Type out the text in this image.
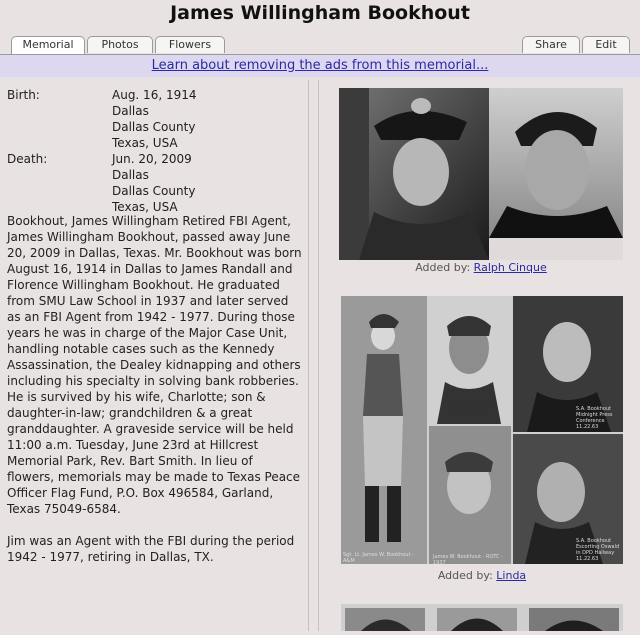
James Willingham Bookhout
Memorial	Photos	Flowers	Share	Edit
Learn about removing the ads from this memorial...
Birth:	Aug. 16, 1914
Dallas
Dallas County
Texas, USA
Death:	Jun. 20, 2009
Dallas
Dallas County
Texas, USA

Bookhout, James Willingham Retired FBI Agent, James Willingham Bookhout, passed away June 20, 2009 in Dallas, Texas. Mr. Bookhout was born August 16, 1914 in Dallas to James Randall and Florence Willingham Bookhout. He graduated from SMU Law School in 1937 and later served as an FBI Agent from 1942 - 1977. During those years he was in charge of the Major Case Unit, handling notable cases such as the Kennedy Assassination, the Dealey kidnapping and others including his specialty in solving bank robberies. He is survived by his wife, Charlotte; son & daughter-in-law; grandchildren & a great granddaughter. A graveside service will be held 11:00 a.m. Tuesday, June 23rd at Hillcrest Memorial Park, Rev. Bart Smith. In lieu of flowers, memorials may be made to Texas Peace Officer Flag Fund, P.O. Box 496584, Garland, Texas 75049-6584.

Jim was an Agent with the FBI during the period 1942 - 1977, retiring in Dallas, TX.

Added by: Ralph Cinque
S.A. Bookhout Midnight Press Conference 11.22.63
S.A. Bookhout Escorting Oswald in DPD Hallway 11.22.63
Sgt. Lt. James W. Bookhout - A&M
James W. Bookhout - ROTC - 1937
JAMES BOOKHOUT
Added by: Linda
